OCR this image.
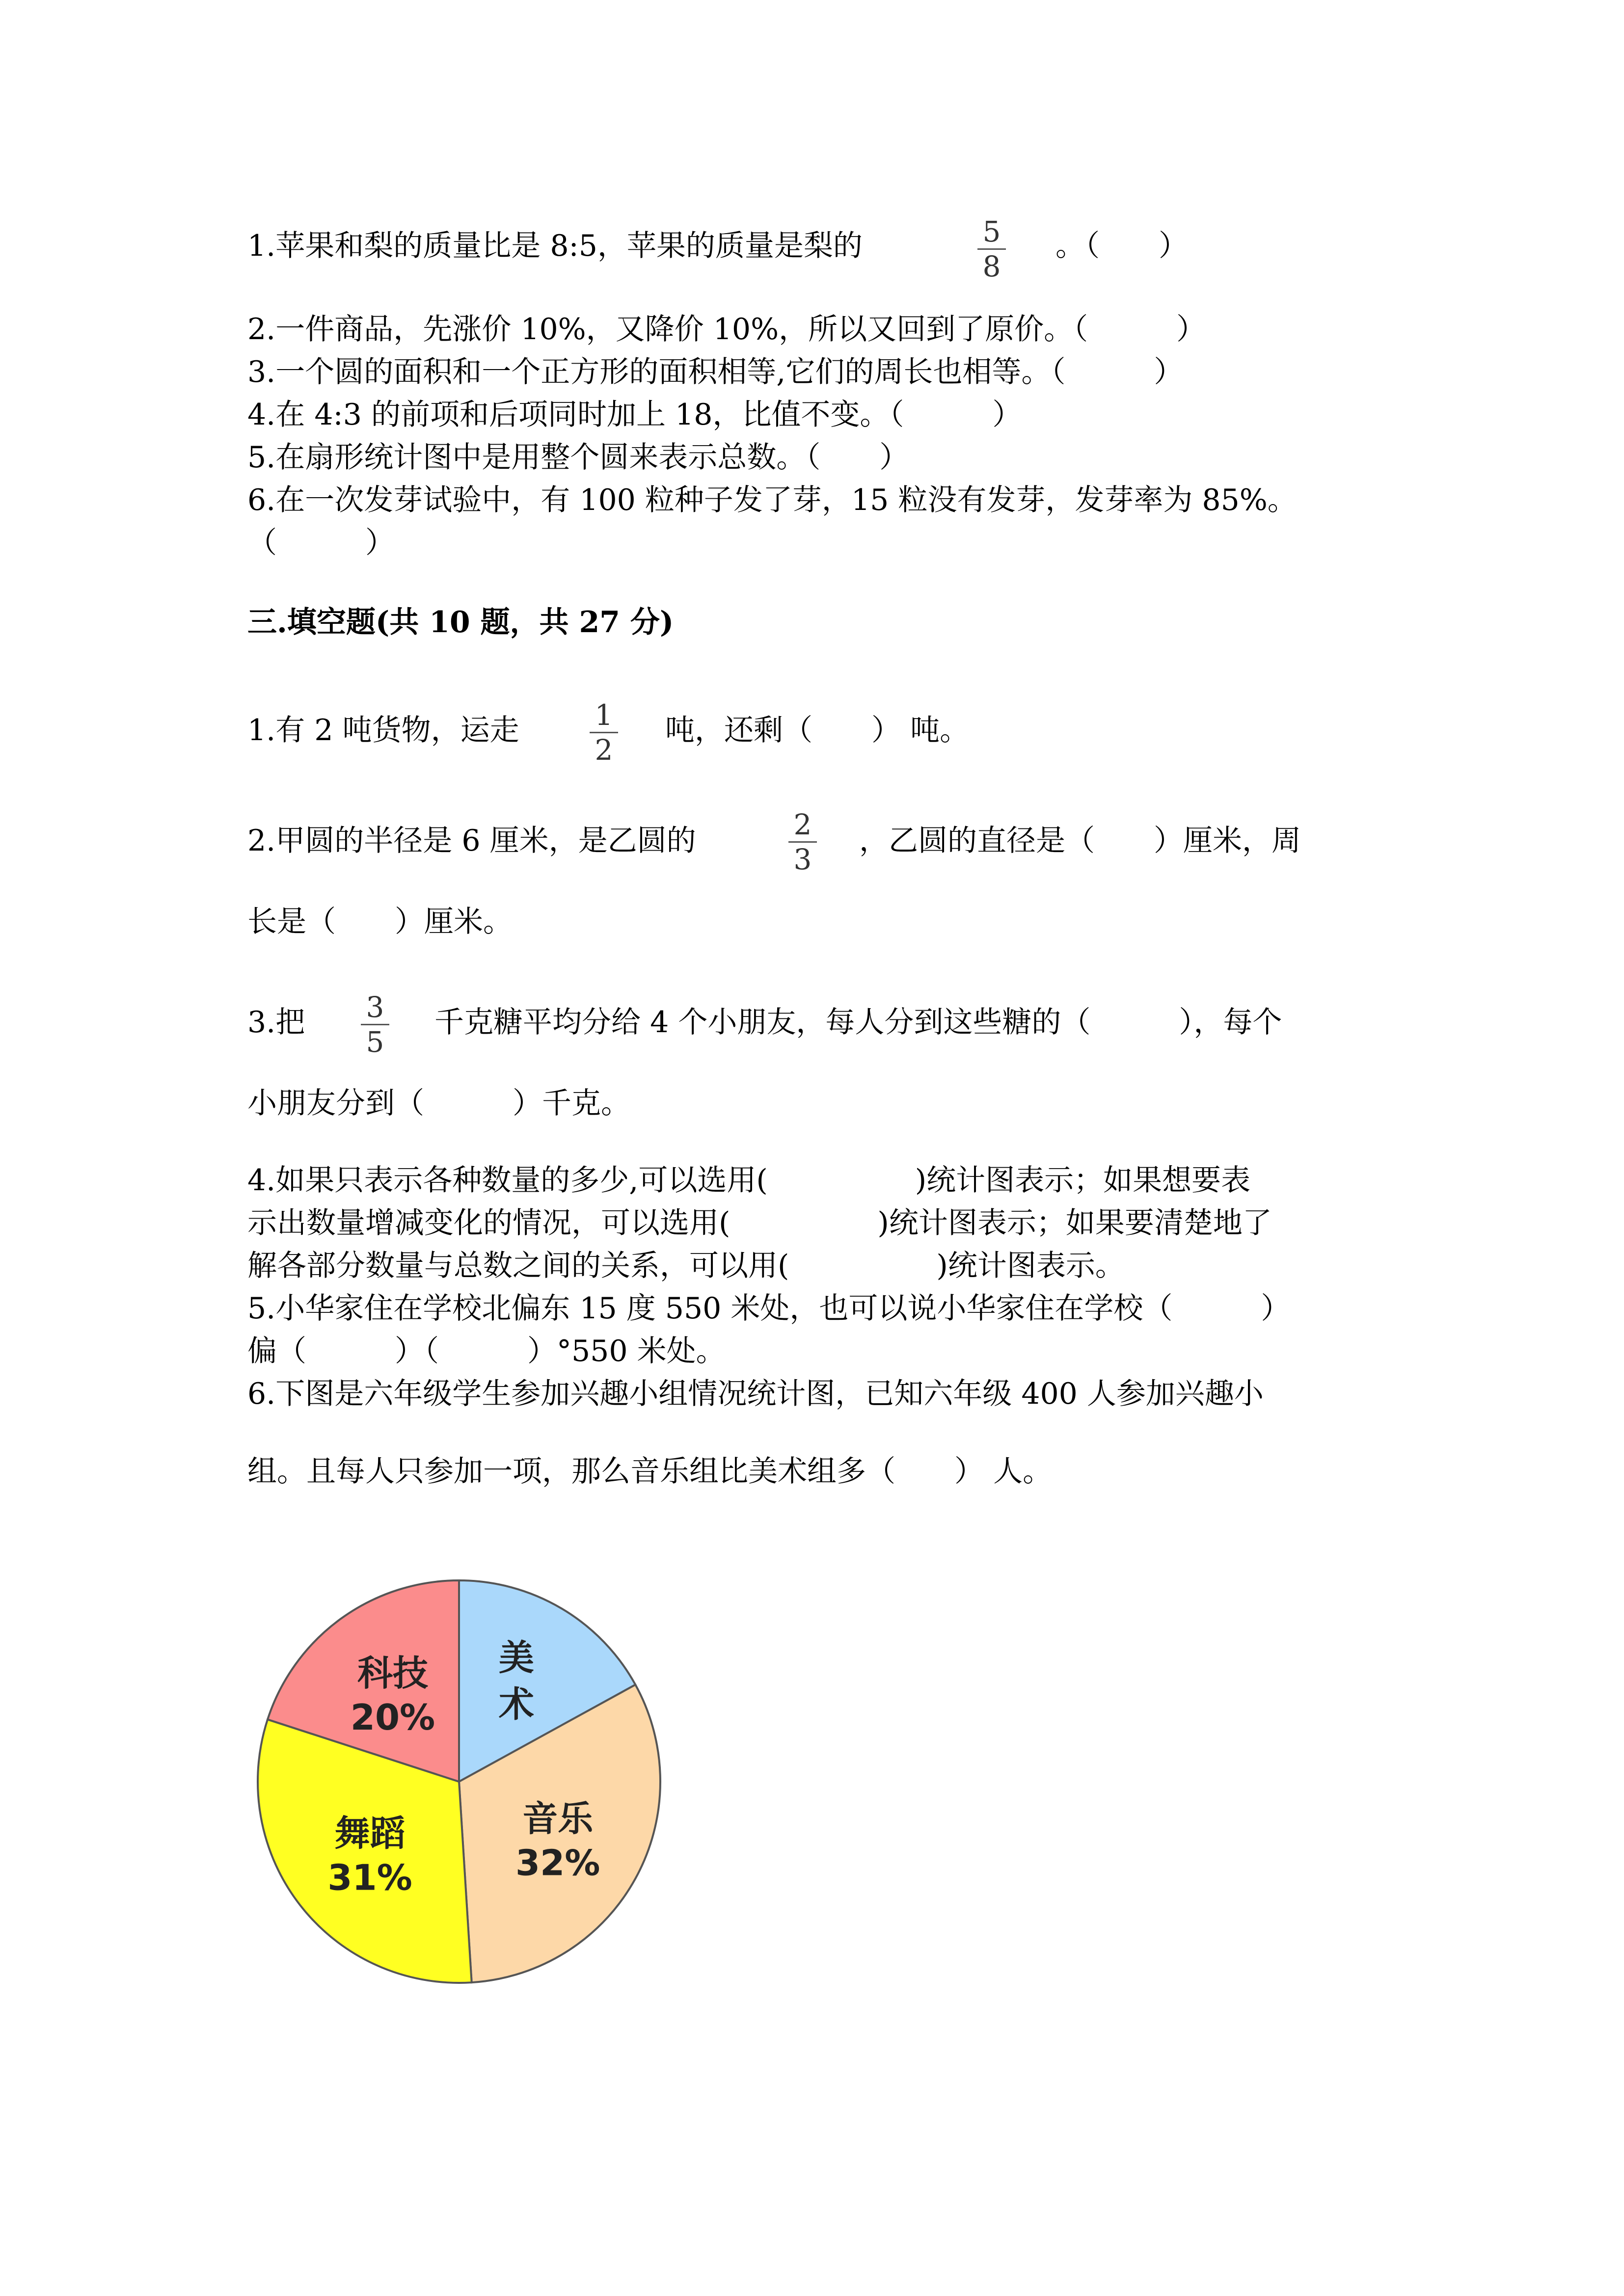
1.苹果和梨的质量比是 8:5，苹果的质量是梨的	5
8
。（　　）
2.一件商品，先涨价 10%，又降价 10%，所以又回到了原价。（　　　）
3.一个圆的面积和一个正方形的面积相等,它们的周长也相等。（　　　）
4.在 4:3 的前项和后项同时加上 18，比值不变。（　　　）
5.在扇形统计图中是用整个圆来表示总数。（　　）
6.在一次发芽试验中，有 100 粒种子发了芽，15 粒没有发芽，发芽率为 85%。
（　　　）
三.填空题(共 10 题，共 27 分)
1.有 2 吨货物，运走	1
2
吨，还剩（　　） 吨。
2.甲圆的半径是 6 厘米，是乙圆的	2
3
，乙圆的直径是（　　）厘米，周
长是（　　）厘米。
3.把 3
5
千克糖平均分给 4 个小朋友，每人分到这些糖的（　　　），每个
小朋友分到（　　　）千克。
4.如果只表示各种数量的多少,可以选用(　　　　　)统计图表示；如果想要表
示出数量增减变化的情况，可以选用(　　　　　)统计图表示；如果要清楚地了
解各部分数量与总数之间的关系，可以用(　　　　　)统计图表示。
5.小华家住在学校北偏东 15 度 550 米处，也可以说小华家住在学校（　　　）
偏（　　　）（　　　）°550 米处。
6.下图是六年级学生参加兴趣小组情况统计图，已知六年级 400 人参加兴趣小
组。且每人只参加一项，那么音乐组比美术组多（　　） 人。
美
术
音乐
32%
舞蹈
31%
科技
20%
